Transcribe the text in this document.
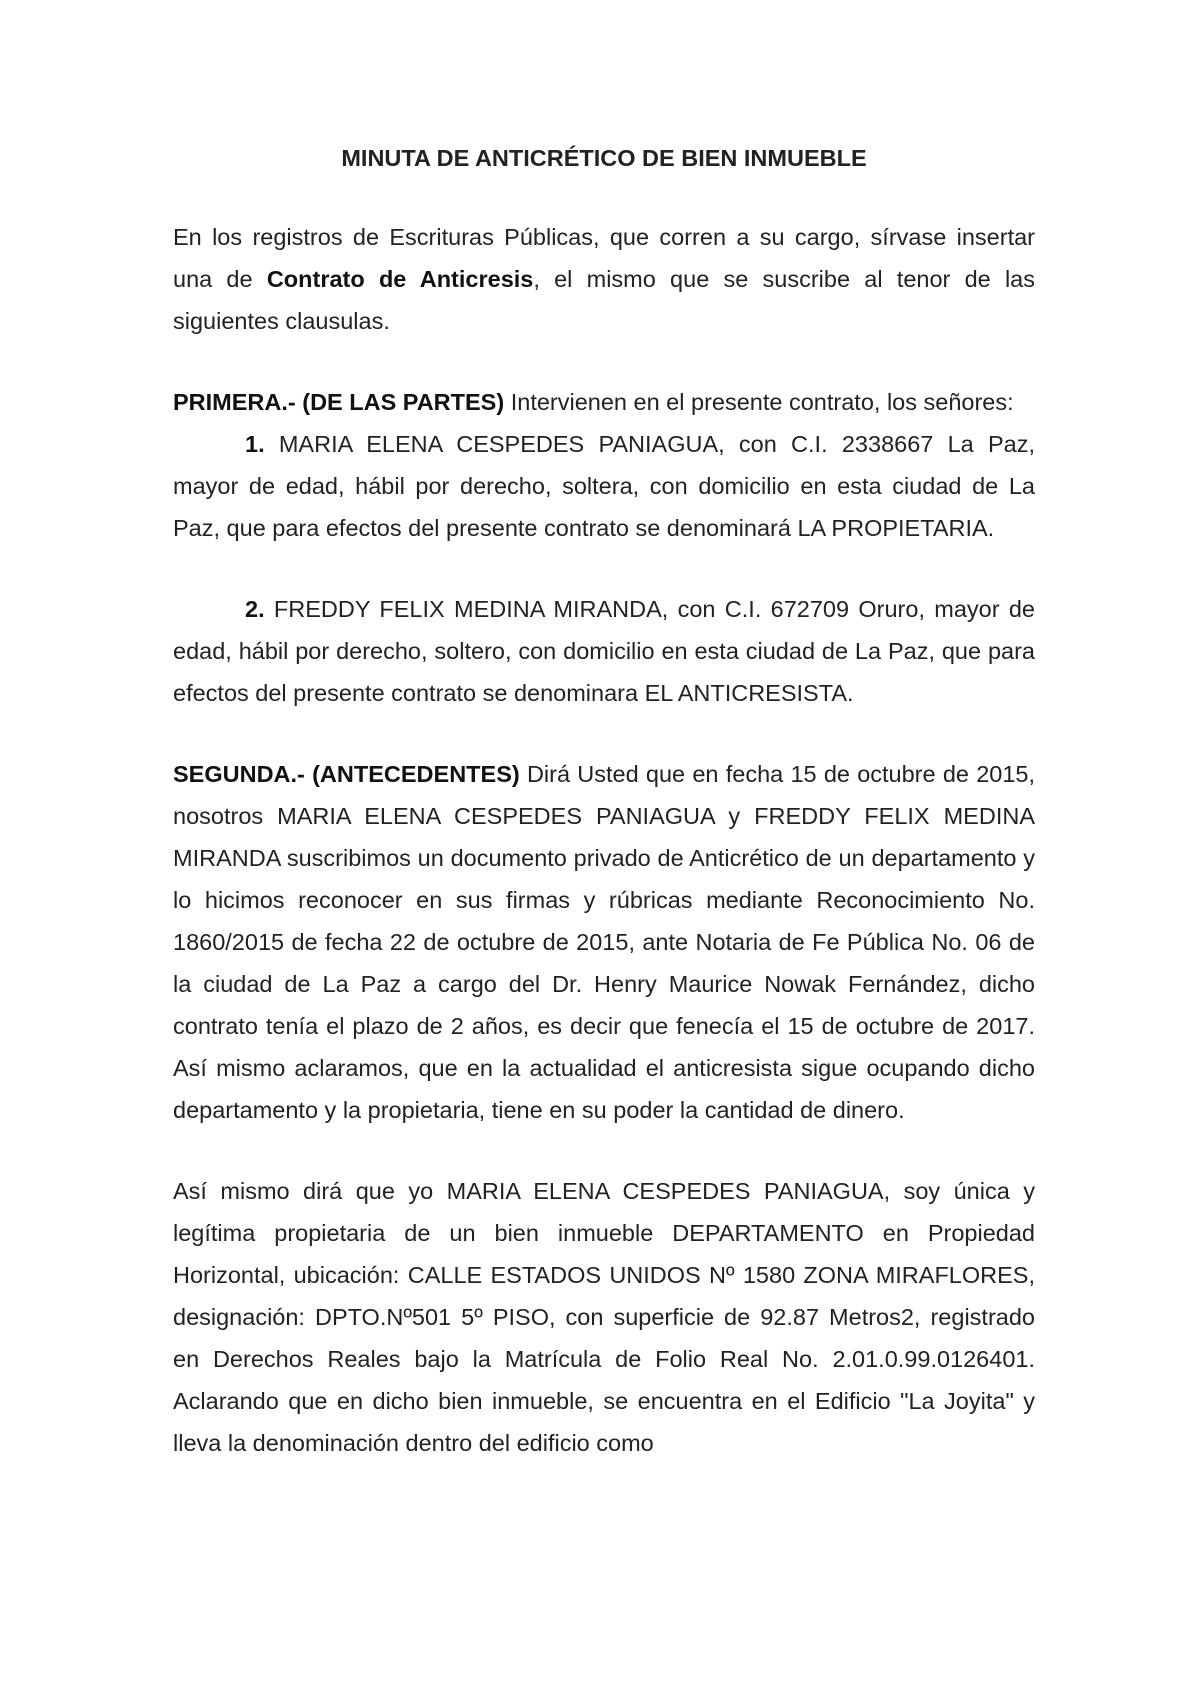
MINUTA DE ANTICRÉTICO DE BIEN INMUEBLE

En los registros de Escrituras Públicas, que corren a su cargo, sírvase insertar una de Contrato de Anticresis, el mismo que se suscribe al tenor de las siguientes clausulas.

PRIMERA.- (DE LAS PARTES) Intervienen en el presente contrato, los señores:

1. MARIA ELENA CESPEDES PANIAGUA, con C.I. 2338667 La Paz, mayor de edad, hábil por derecho, soltera, con domicilio en esta ciudad de La Paz, que para efectos del presente contrato se denominará LA PROPIETARIA.

2. FREDDY FELIX MEDINA MIRANDA, con C.I. 672709 Oruro, mayor de edad, hábil por derecho, soltero, con domicilio en esta ciudad de La Paz, que para efectos del presente contrato se denominara EL ANTICRESISTA.

SEGUNDA.- (ANTECEDENTES) Dirá Usted que en fecha 15 de octubre de 2015, nosotros MARIA ELENA CESPEDES PANIAGUA y FREDDY FELIX MEDINA MIRANDA suscribimos un documento privado de Anticrético de un departamento y lo hicimos reconocer en sus firmas y rúbricas mediante Reconocimiento No. 1860/2015 de fecha 22 de octubre de 2015, ante Notaria de Fe Pública No. 06 de la ciudad de La Paz a cargo del Dr. Henry Maurice Nowak Fernández, dicho contrato tenía el plazo de 2 años, es decir que fenecía el 15 de octubre de 2017. Así mismo aclaramos, que en la actualidad el anticresista sigue ocupando dicho departamento y la propietaria, tiene en su poder la cantidad de dinero.

Así mismo dirá que yo MARIA ELENA CESPEDES PANIAGUA, soy única y legítima propietaria de un bien inmueble DEPARTAMENTO en Propiedad Horizontal, ubicación: CALLE ESTADOS UNIDOS Nº 1580 ZONA MIRAFLORES, designación: DPTO.Nº501 5º PISO, con superficie de 92.87 Metros2, registrado en Derechos Reales bajo la Matrícula de Folio Real No. 2.01.0.99.0126401. Aclarando que en dicho bien inmueble, se encuentra en el Edificio "La Joyita" y lleva la denominación dentro del edificio como
